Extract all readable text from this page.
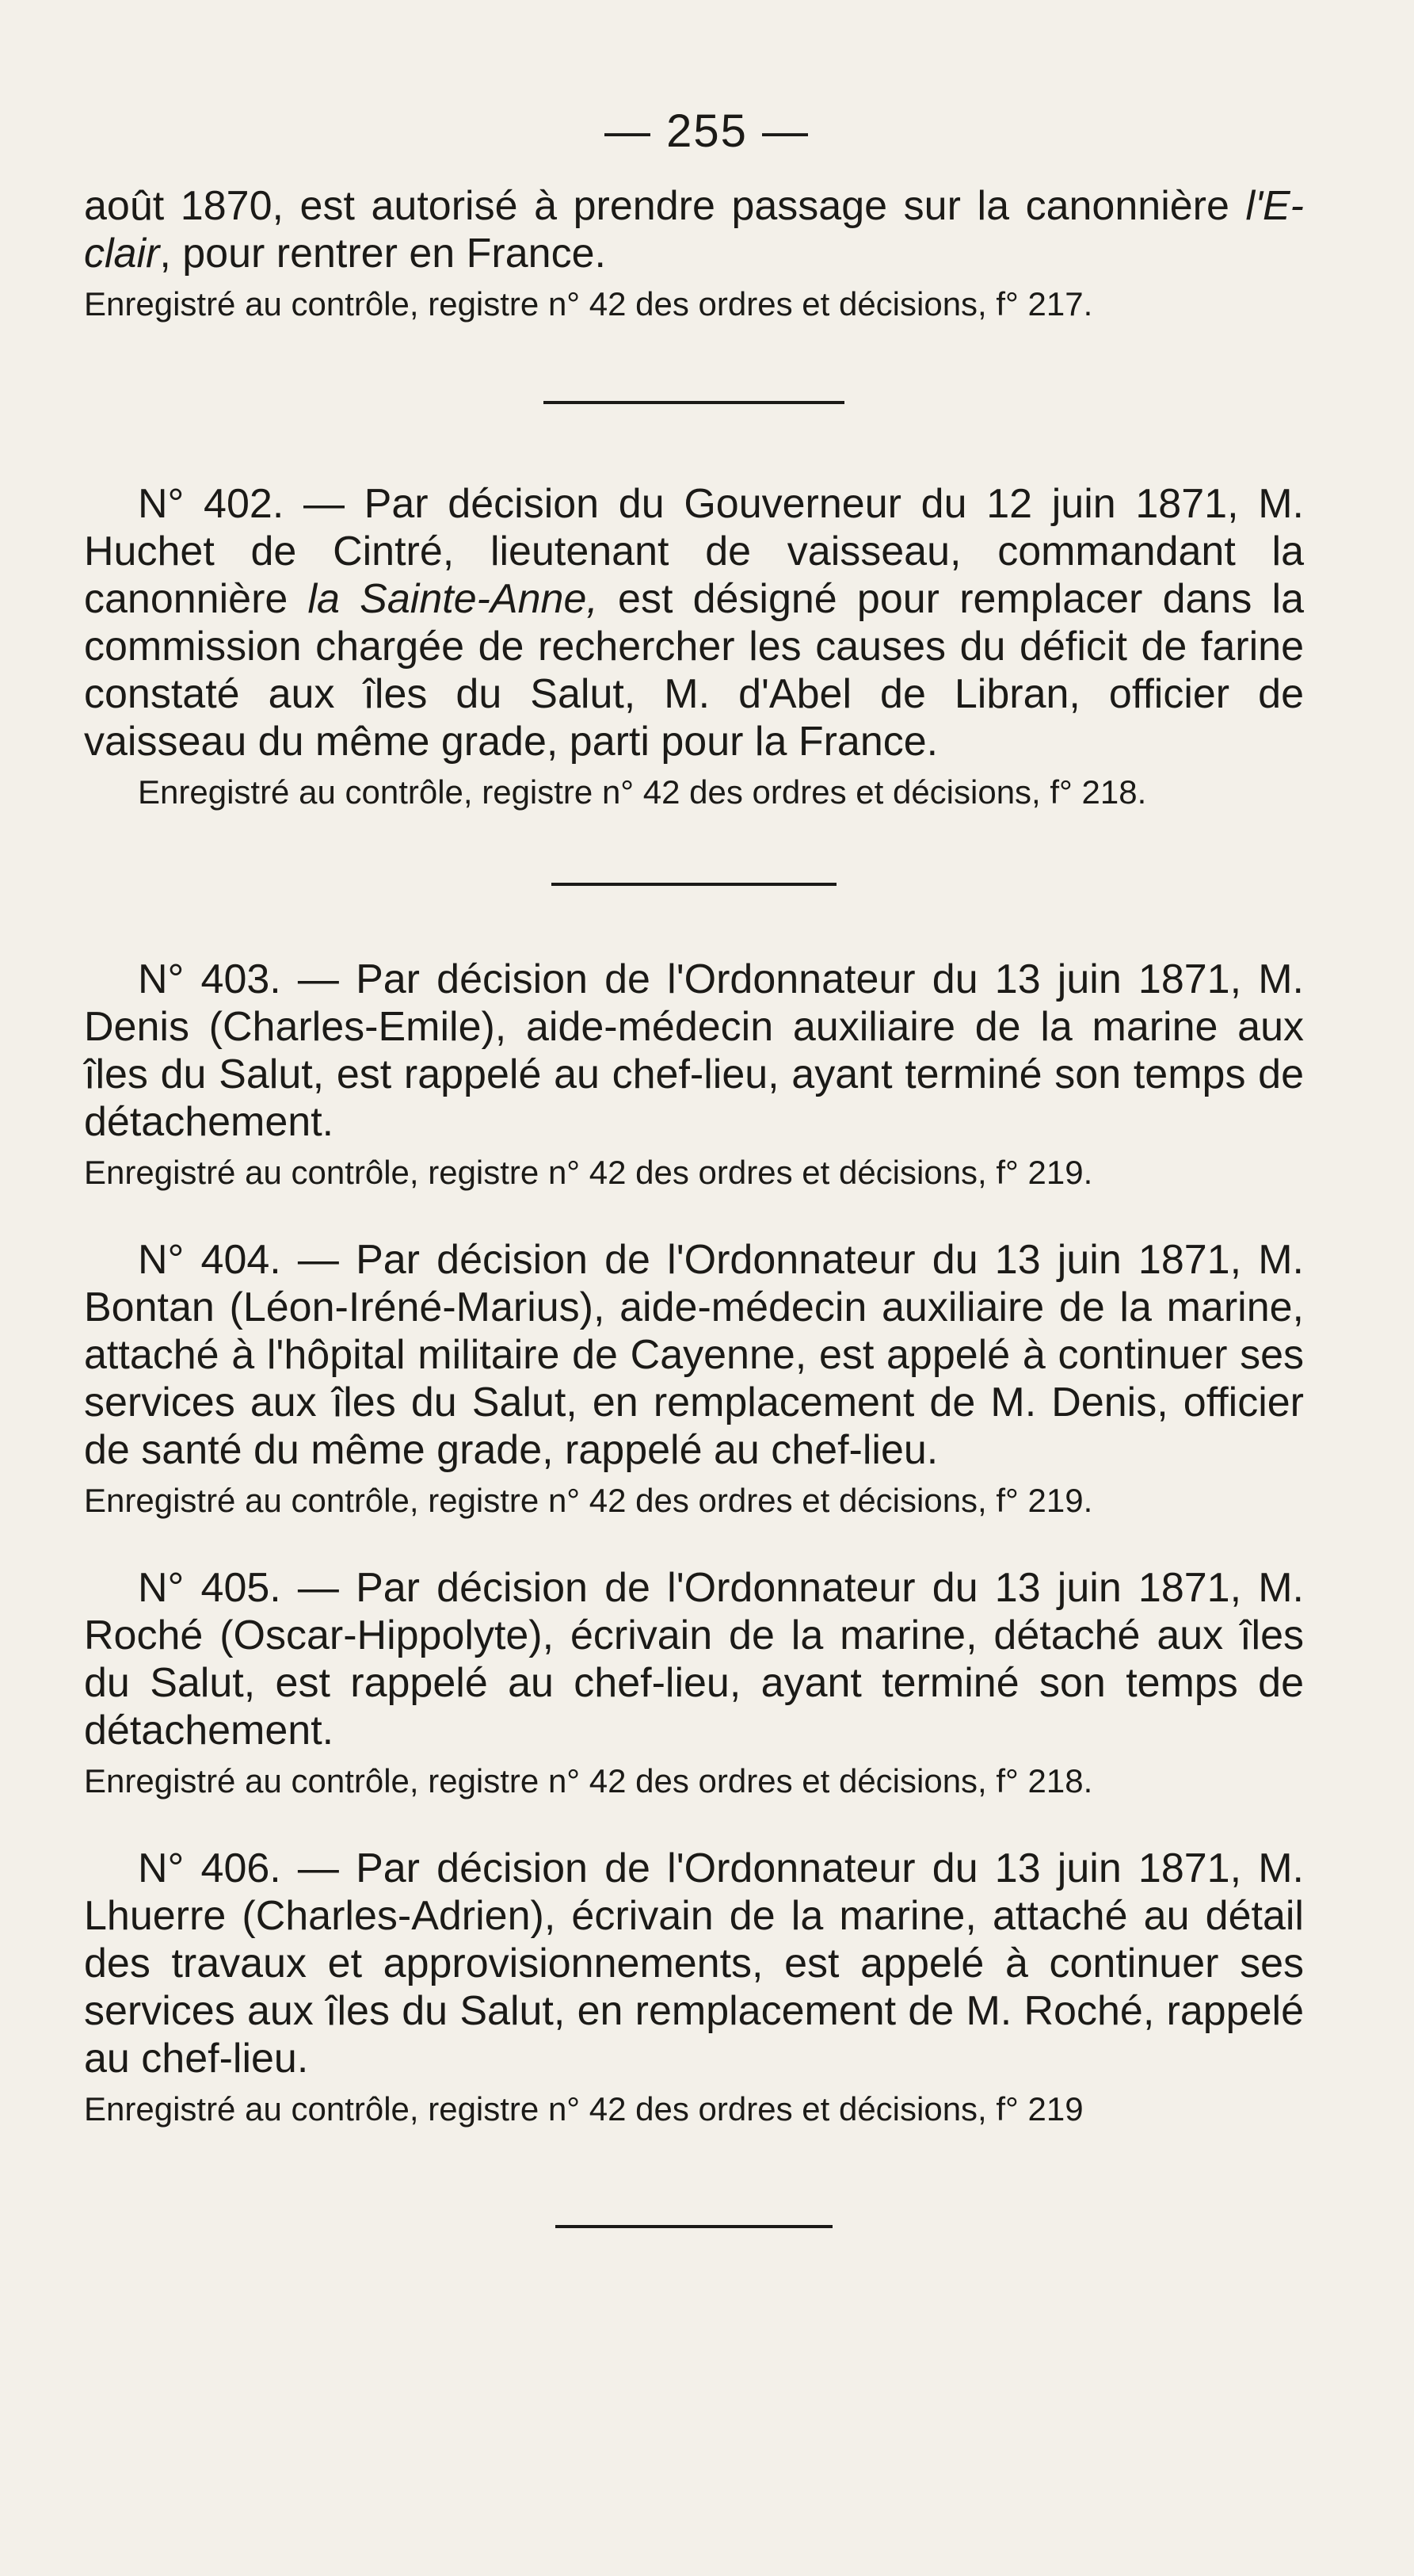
— 255 —

août 1870, est autorisé à prendre passage sur la canonnière l'E-clair, pour rentrer en France.

Enregistré au contrôle, registre n° 42 des ordres et décisions, f° 217.

N° 402. — Par décision du Gouverneur du 12 juin 1871, M. Huchet de Cintré, lieutenant de vaisseau, commandant la canonnière la Sainte-Anne, est désigné pour remplacer dans la commission chargée de rechercher les causes du déficit de farine constaté aux îles du Salut, M. d'Abel de Libran, officier de vaisseau du même grade, parti pour la France.

Enregistré au contrôle, registre n° 42 des ordres et décisions, f° 218.

N° 403. — Par décision de l'Ordonnateur du 13 juin 1871, M. Denis (Charles-Emile), aide-médecin auxiliaire de la marine aux îles du Salut, est rappelé au chef-lieu, ayant terminé son temps de détachement.

Enregistré au contrôle, registre n° 42 des ordres et décisions, f° 219.

N° 404. — Par décision de l'Ordonnateur du 13 juin 1871, M. Bontan (Léon-Iréné-Marius), aide-médecin auxiliaire de la marine, attaché à l'hôpital militaire de Cayenne, est appelé à continuer ses services aux îles du Salut, en remplacement de M. Denis, officier de santé du même grade, rappelé au chef-lieu.

Enregistré au contrôle, registre n° 42 des ordres et décisions, f° 219.

N° 405. — Par décision de l'Ordonnateur du 13 juin 1871, M. Roché (Oscar-Hippolyte), écrivain de la marine, détaché aux îles du Salut, est rappelé au chef-lieu, ayant terminé son temps de détachement.

Enregistré au contrôle, registre n° 42 des ordres et décisions, f° 218.

N° 406. — Par décision de l'Ordonnateur du 13 juin 1871, M. Lhuerre (Charles-Adrien), écrivain de la marine, attaché au détail des travaux et approvisionnements, est appelé à continuer ses services aux îles du Salut, en remplacement de M. Roché, rappelé au chef-lieu.

Enregistré au contrôle, registre n° 42 des ordres et décisions, f° 219
